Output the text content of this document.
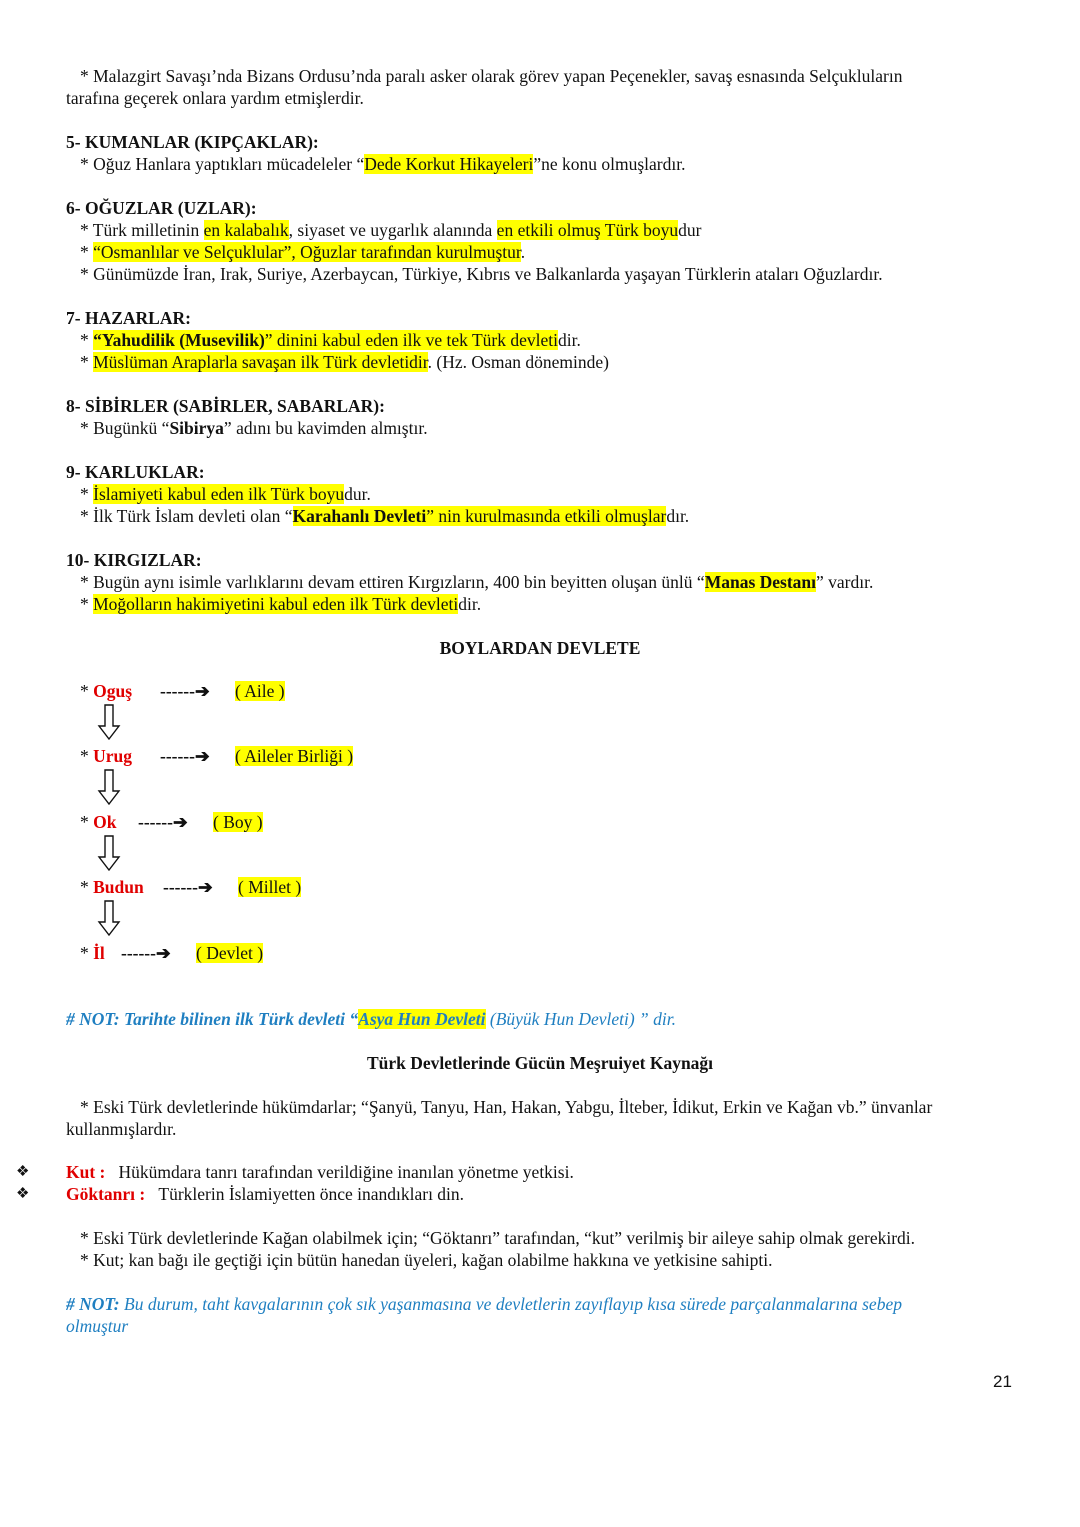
* Malazgirt Savaşı’nda Bizans Ordusu’nda paralı asker olarak görev yapan Peçenekler, savaş esnasında Selçukluların
tarafına geçerek onlara yardım etmişlerdir.
5- KUMANLAR (KIPÇAKLAR):
* Oğuz Hanlara yaptıkları mücadeleler “Dede Korkut Hikayeleri”ne konu olmuşlardır.
6- OĞUZLAR (UZLAR):
* Türk milletinin en kalabalık, siyaset ve uygarlık alanında en etkili olmuş Türk boyudur
* “Osmanlılar ve Selçuklular”, Oğuzlar tarafından kurulmuştur.
* Günümüzde İran, Irak, Suriye, Azerbaycan, Türkiye, Kıbrıs ve Balkanlarda yaşayan Türklerin ataları Oğuzlardır.
7- HAZARLAR:
* “Yahudilik (Musevilik)” dinini kabul eden ilk ve tek Türk devletidir.
* Müslüman Araplarla savaşan ilk Türk devletidir. (Hz. Osman döneminde)
8- SİBİRLER (SABİRLER, SABARLAR):
* Bugünkü “Sibirya” adını bu kavimden almıştır.
9- KARLUKLAR:
* İslamiyeti kabul eden ilk Türk boyudur.
* İlk Türk İslam devleti olan “Karahanlı Devleti” nin kurulmasında etkili olmuşlardır.
10- KIRGIZLAR:
* Bugün aynı isimle varlıklarını devam ettiren Kırgızların, 400 bin beyitten oluşan ünlü “Manas Destanı” vardır.
* Moğolların hakimiyetini kabul eden ilk Türk devletidir.
BOYLARDAN DEVLETE
* Oguş ------➔ ( Aile )
* Urug ------➔ ( Aileler Birliği )
* Ok ------➔ ( Boy )
* Budun ------➔ ( Millet )
* İl ------➔ ( Devlet )
# NOT: Tarihte bilinen ilk Türk devleti “Asya Hun Devleti (Büyük Hun Devleti) ” dir.
Türk Devletlerinde Gücün Meşruiyet Kaynağı
* Eski Türk devletlerinde hükümdarlar; “Şanyü, Tanyu, Han, Hakan, Yabgu, İlteber, İdikut, Erkin ve Kağan vb.” ünvanlar
kullanmışlardır.
❖ Kut : Hükümdara tanrı tarafından verildiğine inanılan yönetme yetkisi.
❖ Göktanrı : Türklerin İslamiyetten önce inandıkları din.
* Eski Türk devletlerinde Kağan olabilmek için; “Göktanrı” tarafından, “kut” verilmiş bir aileye sahip olmak gerekirdi.
* Kut; kan bağı ile geçtiği için bütün hanedan üyeleri, kağan olabilme hakkına ve yetkisine sahipti.
# NOT: Bu durum, taht kavgalarının çok sık yaşanmasına ve devletlerin zayıflayıp kısa sürede parçalanmalarına sebep
olmuştur
21
